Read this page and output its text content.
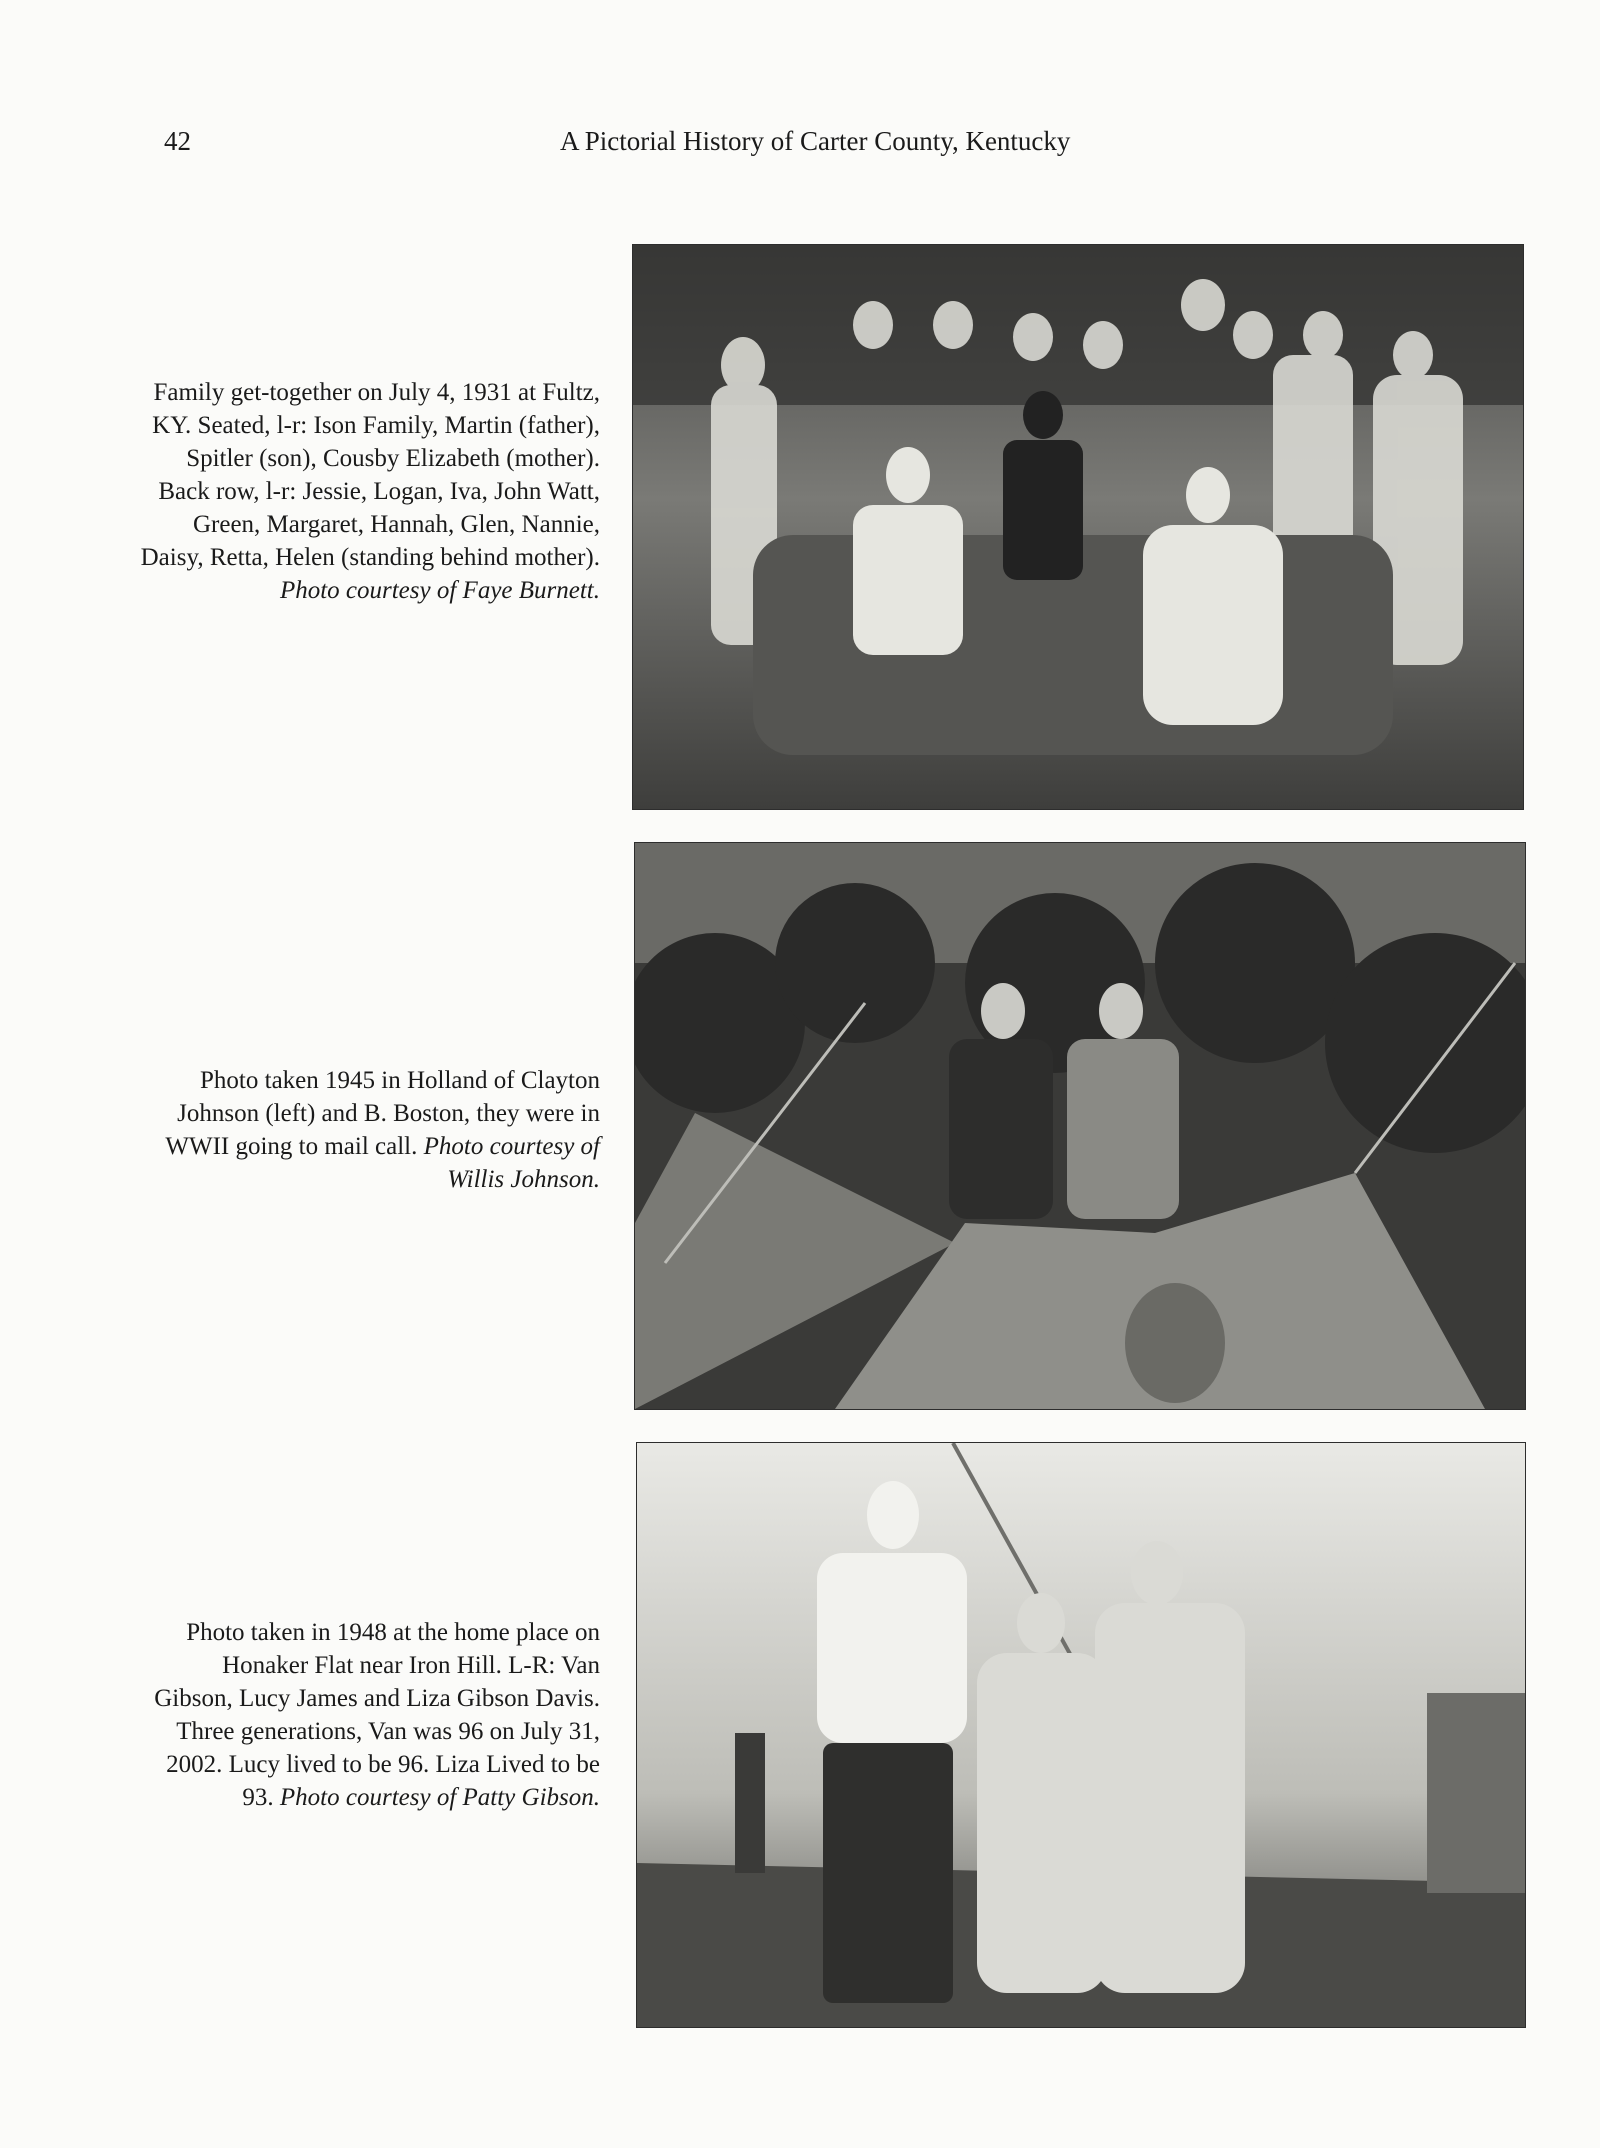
42	A Pictorial History of Carter County, Kentucky
Family get-together on July 4, 1931 at Fultz, KY. Seated, l-r: Ison Family, Martin (father), Spitler (son), Cousby Elizabeth (mother). Back row, l-r: Jessie, Logan, Iva, John Watt, Green, Margaret, Hannah, Glen, Nannie, Daisy, Retta, Helen (standing behind mother). Photo courtesy of Faye Burnett.
Photo taken 1945 in Holland of Clayton Johnson (left) and B. Boston, they were in WWII going to mail call. Photo courtesy of Willis Johnson.
Photo taken in 1948 at the home place on Honaker Flat near Iron Hill. L-R: Van Gibson, Lucy James and Liza Gibson Davis. Three generations, Van was 96 on July 31, 2002. Lucy lived to be 96. Liza Lived to be 93. Photo courtesy of Patty Gibson.
